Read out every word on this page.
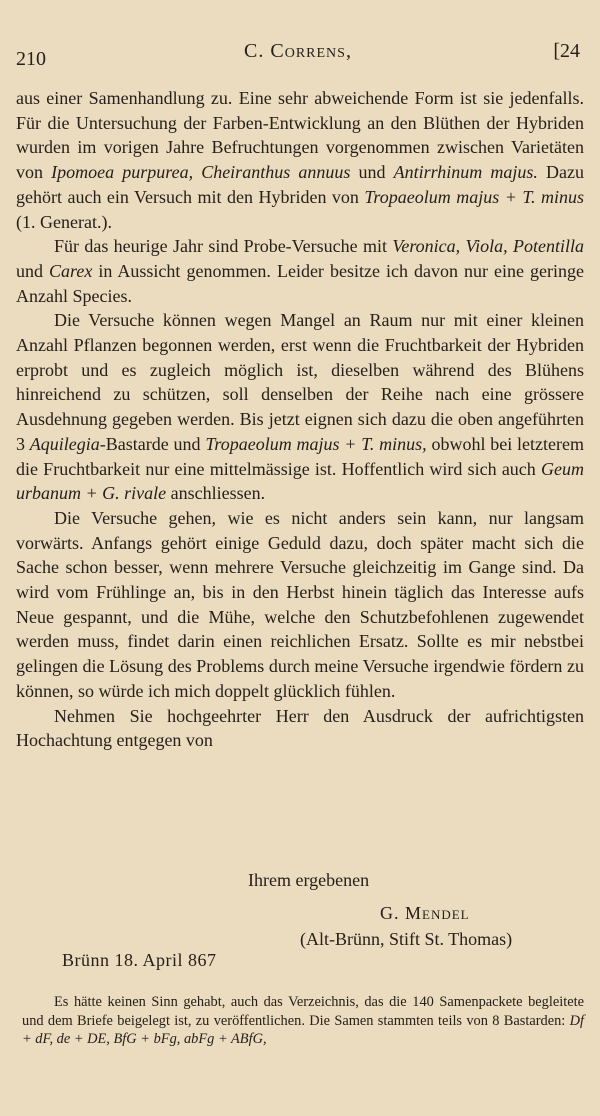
210	C. Correns,	[24

aus einer Samenhandlung zu. Eine sehr abweichende Form ist sie jedenfalls. Für die Untersuchung der Farben-Entwicklung an den Blüthen der Hybriden wurden im vorigen Jahre Befruchtungen vorgenommen zwischen Varietäten von Ipomoea purpurea, Cheiranthus annuus und Antirrhinum majus. Dazu gehört auch ein Versuch mit den Hybriden von Tropaeolum majus + T. minus (1. Generat.).

Für das heurige Jahr sind Probe-Versuche mit Veronica, Viola, Potentilla und Carex in Aussicht genommen. Leider besitze ich davon nur eine geringe Anzahl Species.

Die Versuche können wegen Mangel an Raum nur mit einer kleinen Anzahl Pflanzen begonnen werden, erst wenn die Fruchtbarkeit der Hybriden erprobt und es zugleich möglich ist, dieselben während des Blühens hinreichend zu schützen, soll denselben der Reihe nach eine grössere Ausdehnung gegeben werden. Bis jetzt eignen sich dazu die oben angeführten 3 Aquilegia-Bastarde und Tropaeolum majus + T. minus, obwohl bei letzterem die Fruchtbarkeit nur eine mittelmässige ist. Hoffentlich wird sich auch Geum urbanum + G. rivale anschliessen.

Die Versuche gehen, wie es nicht anders sein kann, nur langsam vorwärts. Anfangs gehört einige Geduld dazu, doch später macht sich die Sache schon besser, wenn mehrere Versuche gleichzeitig im Gange sind. Da wird vom Frühlinge an, bis in den Herbst hinein täglich das Interesse aufs Neue gespannt, und die Mühe, welche den Schutzbefohlenen zugewendet werden muss, findet darin einen reichlichen Ersatz. Sollte es mir nebstbei gelingen die Lösung des Problems durch meine Versuche irgendwie fördern zu können, so würde ich mich doppelt glücklich fühlen.

Nehmen Sie hochgeehrter Herr den Ausdruck der aufrichtigsten Hochachtung entgegen von

Ihrem ergebenen
G. Mendel
(Alt-Brünn, Stift St. Thomas)
Brünn 18. April 867

Es hätte keinen Sinn gehabt, auch das Verzeichnis, das die 140 Samenpackete begleitete und dem Briefe beigelegt ist, zu veröffentlichen. Die Samen stammten teils von 8 Bastarden: Df + dF, de + DE, BfG + bFg, abFg + ABfG,
